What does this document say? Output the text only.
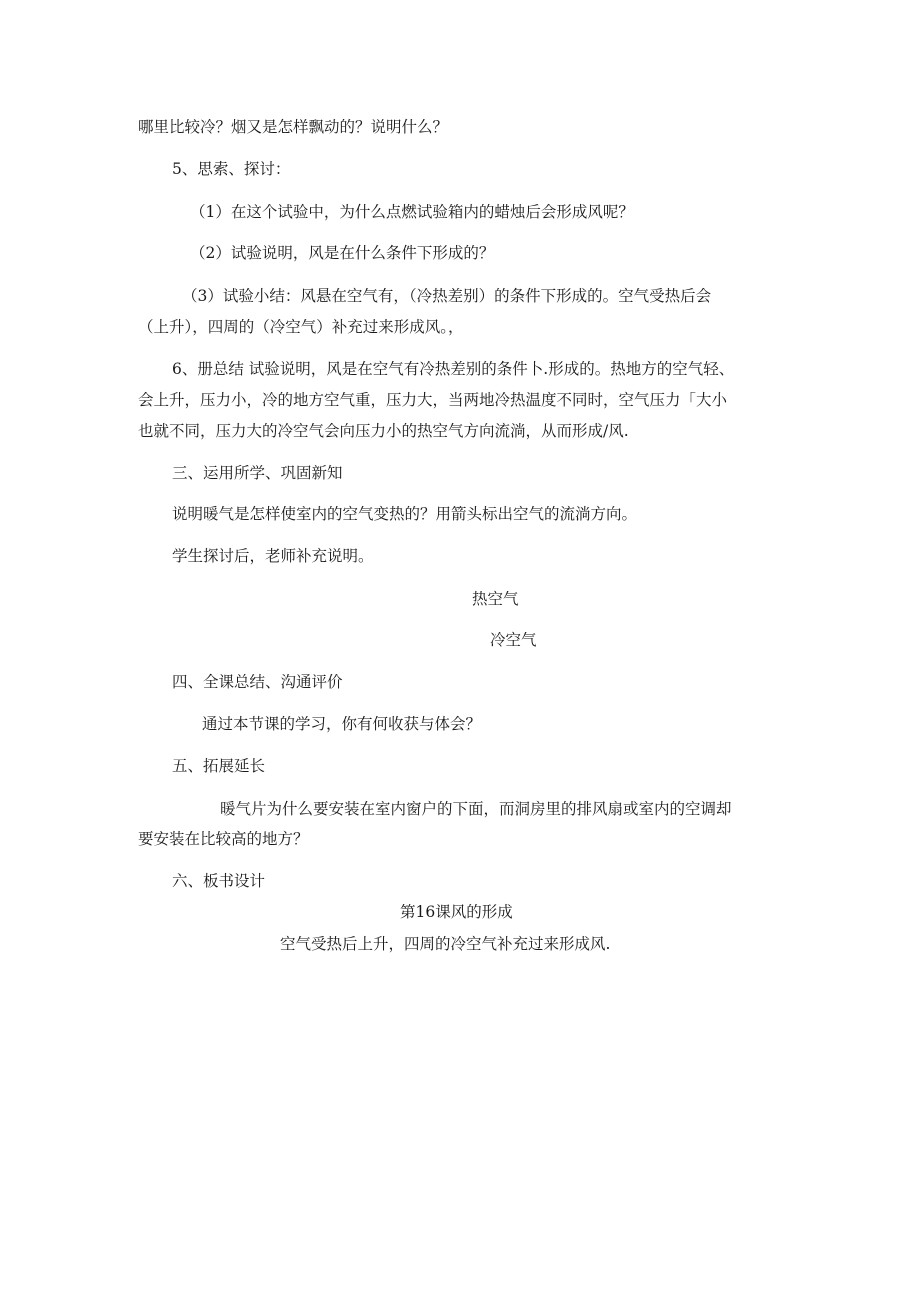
哪里比较冷？烟又是怎样飘动的？说明什么？
5、思索、探讨：
（1）在这个试验中，为什么点燃试验箱内的蜡烛后会形成风呢？
（2）试验说明，风是在什么条件下形成的？
（3）试验小结：风悬在空气有，（冷热差别）的条件下形成的。空气受热后会
（上升），四周的（冷空气）补充过来形成风。，
6、册总结 试验说明，风是在空气有冷热差别的条件卜.形成的。热地方的空气轻、
会上升，压力小，冷的地方空气重，压力大，当两地冷热温度不同时，空气压力「大小
也就不同，压力大的冷空气会向压力小的热空气方向流淌，从而形成/风.
三、运用所学、巩固新知
说明暖气是怎样使室内的空气变热的？用箭头标出空气的流淌方向。
学生探讨后，老师补充说明。
热空气
冷空气
四、全课总结、沟通评价
通过本节课的学习，你有何收获与体会？
五、拓展延长
暖气片为什么要安装在室内窗户的下面，而洞房里的排风扇或室内的空调却
要安装在比较高的地方？
六、板书设计
第16课风的形成
空气受热后上升，四周的冷空气补充过来形成风.
